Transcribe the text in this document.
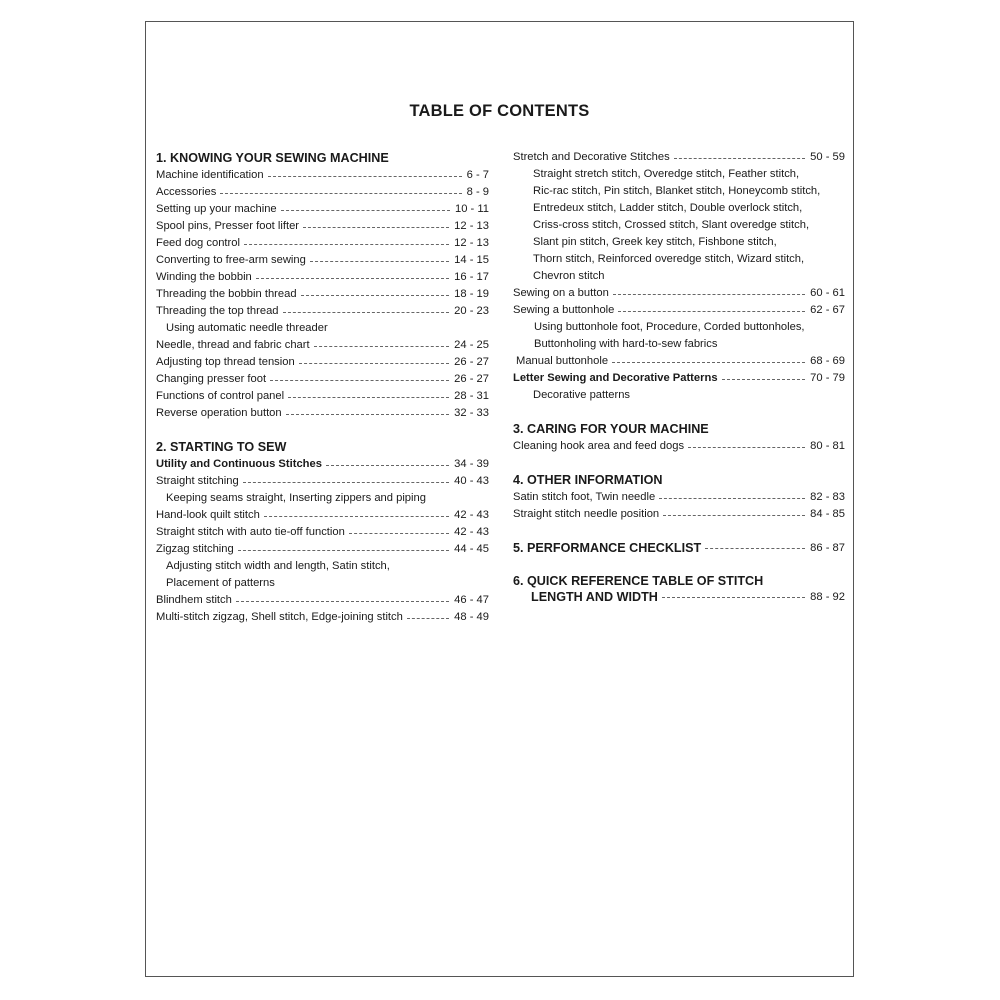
TABLE OF CONTENTS
1. KNOWING YOUR SEWING MACHINE
Machine identification	6 - 7
Accessories	8 - 9
Setting up your machine	10 - 11
Spool pins, Presser foot lifter	12 - 13
Feed dog control	12 - 13
Converting to free-arm sewing	14 - 15
Winding the bobbin	16 - 17
Threading the bobbin thread	18 - 19
Threading the top thread	20 - 23
Using automatic needle threader
Needle, thread and fabric chart	24 - 25
Adjusting top thread tension	26 - 27
Changing presser foot	26 - 27
Functions of control panel	28 - 31
Reverse operation button	32 - 33
2. STARTING TO SEW
Utility and Continuous Stitches	34 - 39
Straight stitching	40 - 43
Keeping seams straight, Inserting zippers and piping
Hand-look quilt stitch	42 - 43
Straight stitch with auto tie-off function	42 - 43
Zigzag stitching	44 - 45
Adjusting stitch width and length, Satin stitch,
Placement of patterns
Blindhem stitch	46 - 47
Multi-stitch zigzag, Shell stitch, Edge-joining stitch	48 - 49
Stretch and Decorative Stitches	50 - 59
Straight stretch stitch, Overedge stitch, Feather stitch,
Ric-rac stitch, Pin stitch, Blanket stitch, Honeycomb stitch,
Entredeux stitch, Ladder stitch, Double overlock stitch,
Criss-cross stitch, Crossed stitch, Slant overedge stitch,
Slant pin stitch, Greek key stitch, Fishbone stitch,
Thorn stitch, Reinforced overedge stitch, Wizard stitch,
Chevron stitch
Sewing on a button	60 - 61
Sewing a buttonhole	62 - 67
Using buttonhole foot, Procedure, Corded buttonholes,
Buttonholing with hard-to-sew fabrics
Manual buttonhole	68 - 69
Letter Sewing and Decorative Patterns	70 - 79
Decorative patterns
3. CARING FOR YOUR MACHINE
Cleaning hook area and feed dogs	80 - 81
4. OTHER INFORMATION
Satin stitch foot, Twin needle	82 - 83
Straight stitch needle position	84 - 85
5. PERFORMANCE CHECKLIST	86 - 87
6. QUICK REFERENCE TABLE OF STITCH
LENGTH AND WIDTH	88 - 92
